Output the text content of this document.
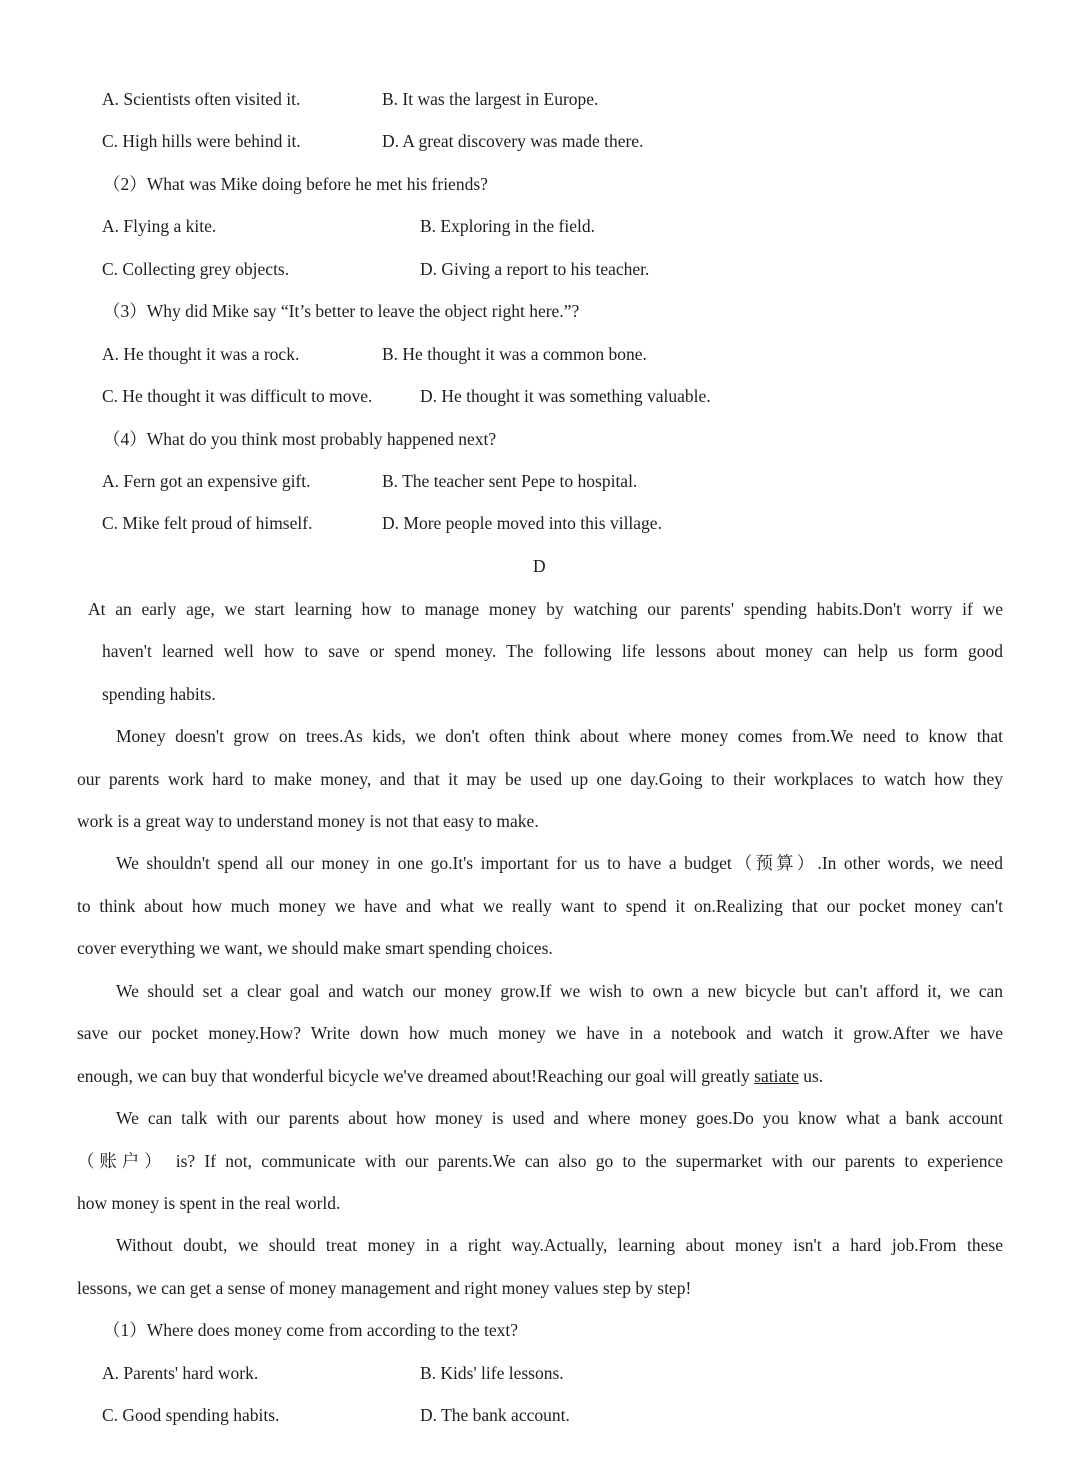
A. Scientists often visited it.	B. It was the largest in Europe.
C. High hills were behind it.	D. A great discovery was made there.
（2）What was Mike doing before he met his friends?
A. Flying a kite.	B. Exploring in the field.
C. Collecting grey objects.	D. Giving a report to his teacher.
（3）Why did Mike say “It’s better to leave the object right here.”?
A. He thought it was a rock.	B. He thought it was a common bone.
C. He thought it was difficult to move.	D. He thought it was something valuable.
（4）What do you think most probably happened next?
A. Fern got an expensive gift.	B. The teacher sent Pepe to hospital.
C. Mike felt proud of himself.	D. More people moved into this village.
D
At an early age, we start learning how to manage money by watching our parents' spending habits.Don't worry if we
haven't learned well how to save or spend money. The following life lessons about money can help us form good
spending habits.
Money doesn't grow on trees.As kids, we don't often think about where money comes from.We need to know that
our parents work hard to make money, and that it may be used up one day.Going to their workplaces to watch how they
work is a great way to understand money is not that easy to make.
We shouldn't spend all our money in one go.It's important for us to have a budget（预算）.In other words, we need
to think about how much money we have and what we really want to spend it on.Realizing that our pocket money can't
cover everything we want, we should make smart spending choices.
We should set a clear goal and watch our money grow.If we wish to own a new bicycle but can't afford it, we can
save our pocket money.How? Write down how much money we have in a notebook and watch it grow.After we have
enough, we can buy that wonderful bicycle we've dreamed about!Reaching our goal will greatly satiate us.
We can talk with our parents about how money is used and where money goes.Do you know what a bank account
（账户） is? If not, communicate with our parents.We can also go to the supermarket with our parents to experience
how money is spent in the real world.
Without doubt, we should treat money in a right way.Actually, learning about money isn't a hard job.From these
lessons, we can get a sense of money management and right money values step by step!
（1）Where does money come from according to the text?
A. Parents' hard work.	B. Kids' life lessons.
C. Good spending habits.	D. The bank account.
